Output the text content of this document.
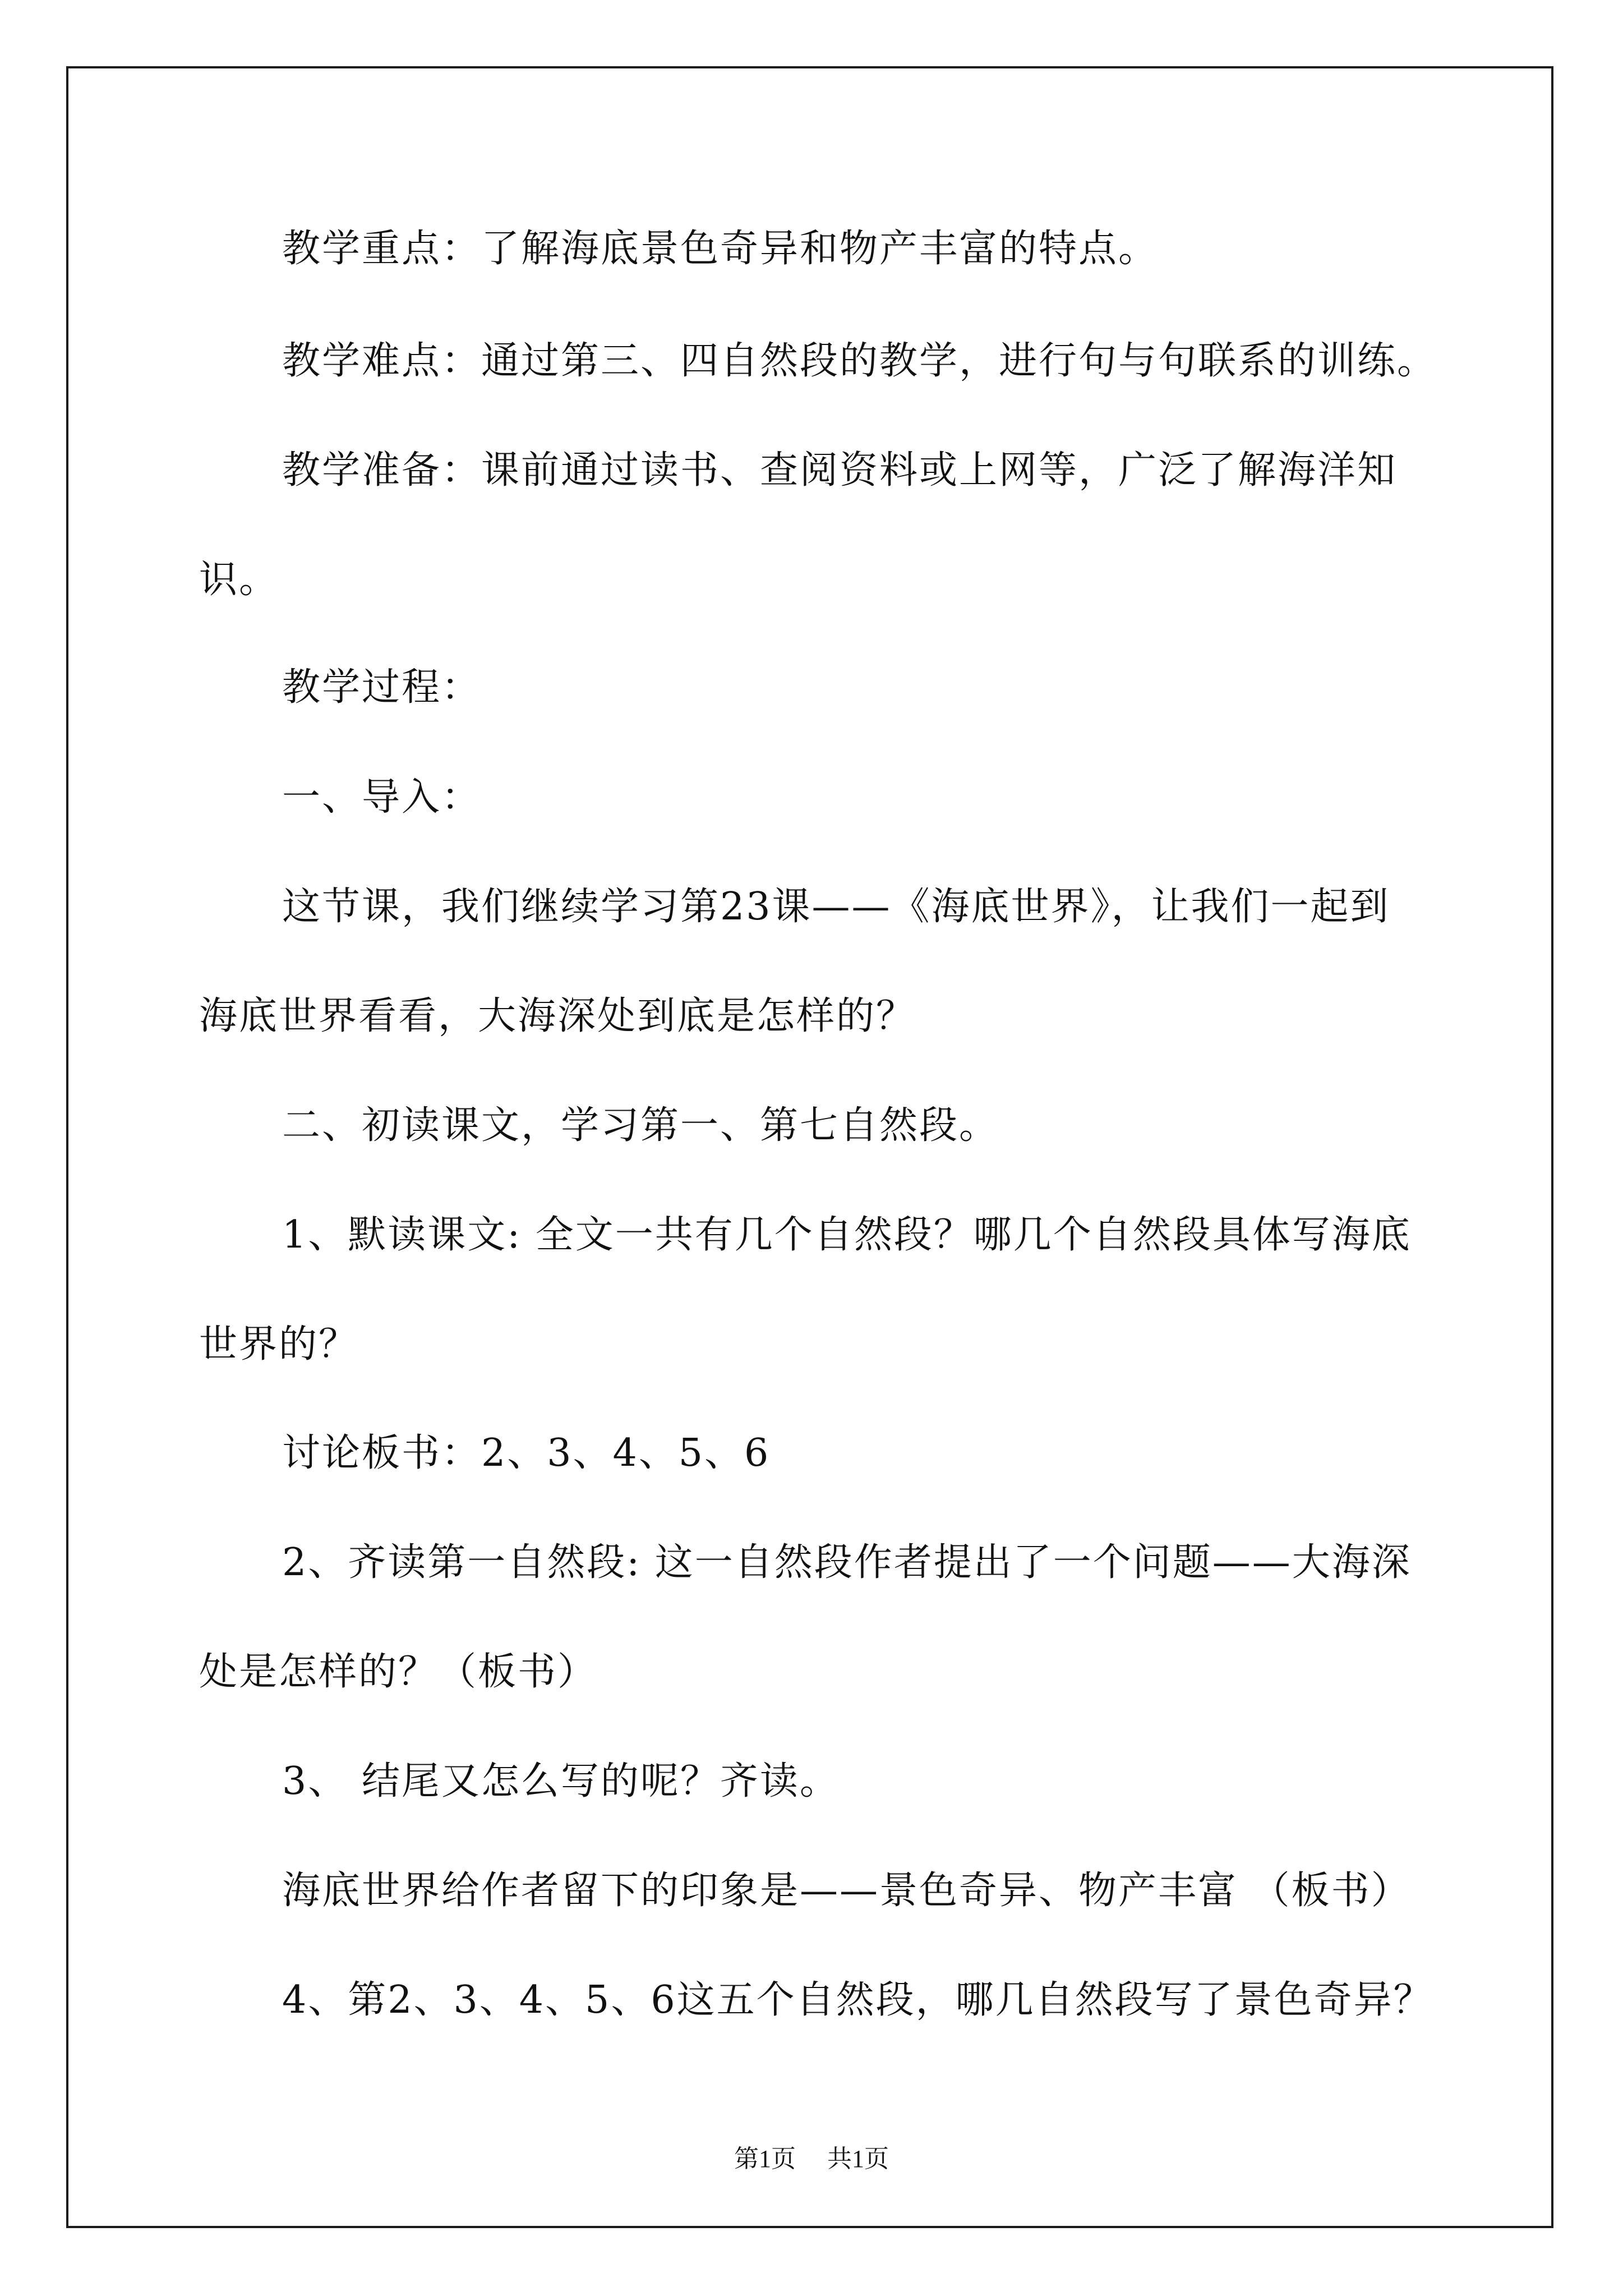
教学重点：了解海底景色奇异和物产丰富的特点。
教学难点：通过第三、四自然段的教学，进行句与句联系的训练。
教学准备：课前通过读书、查阅资料或上网等，广泛了解海洋知
识。
教学过程：
一、导入：
这节课，我们继续学习第23课——《海底世界》，让我们一起到
海底世界看看，大海深处到底是怎样的？
二、初读课文，学习第一、第七自然段。
1、默读课文: 全文一共有几个自然段？哪几个自然段具体写海底
世界的？
讨论板书：2、3、4、5、6
2、齐读第一自然段: 这一自然段作者提出了一个问题——大海深
处是怎样的？（板书）
3、 结尾又怎么写的呢？齐读。
海底世界给作者留下的印象是——景色奇异、物产丰富 （板书）
4、第2、3、4、5、6这五个自然段，哪几自然段写了景色奇异？
第1页 共1页
